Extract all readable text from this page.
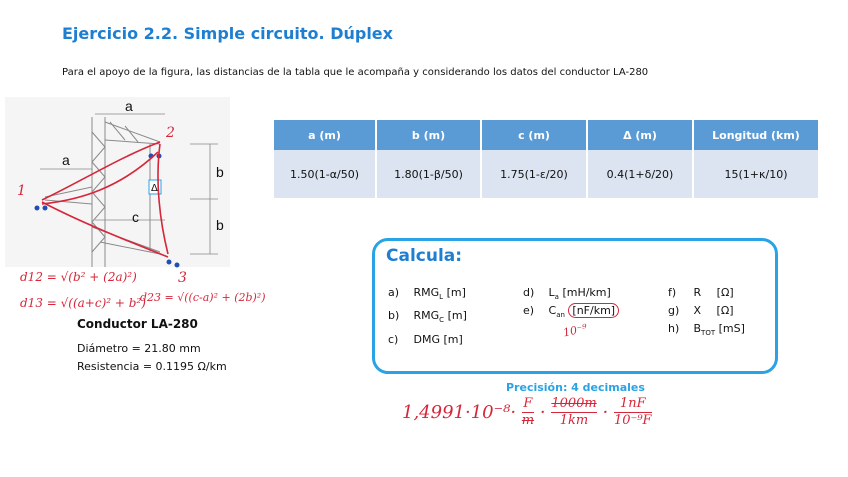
Ejercicio 2.2. Simple circuito. Dúplex
Para el apoyo de la figura, las distancias de la tabla que le acompaña y considerando los datos del conductor LA-280
a
a
b
b
c
Δ
1
2
3
d12 = √(b² + (2a)²)
d13 = √((a+c)² + b²)
d23 = √((c-a)² + (2b)²)
a (m)	b (m)	c (m)	Δ (m)	Longitud (km)
1.50(1-α/50)	1.80(1-β/50)	1.75(1-ε/20)	0.4(1+δ/20)	15(1+κ/10)
Calcula:
a) $RMG_L$ [m]
b) $RMG_C$ [m]
c) DMG [m]
d) $L_a$ [mH/km]
e) $C_{an}$ [nF/km]
10⁻⁹
f) R [Ω]
g) X [Ω]
h) $B_{TOT}$ [mS]
Precisión: 4 decimales
Conductor LA-280
Diámetro = 21.80 mm
Resistencia = 0.1195 Ω/km
$1,4991\cdot 10^{-8}\cdot \frac{F}{m} \cdot \frac{1000m}{1km} \cdot \frac{1nF}{\text{10⁻⁹F}}$
